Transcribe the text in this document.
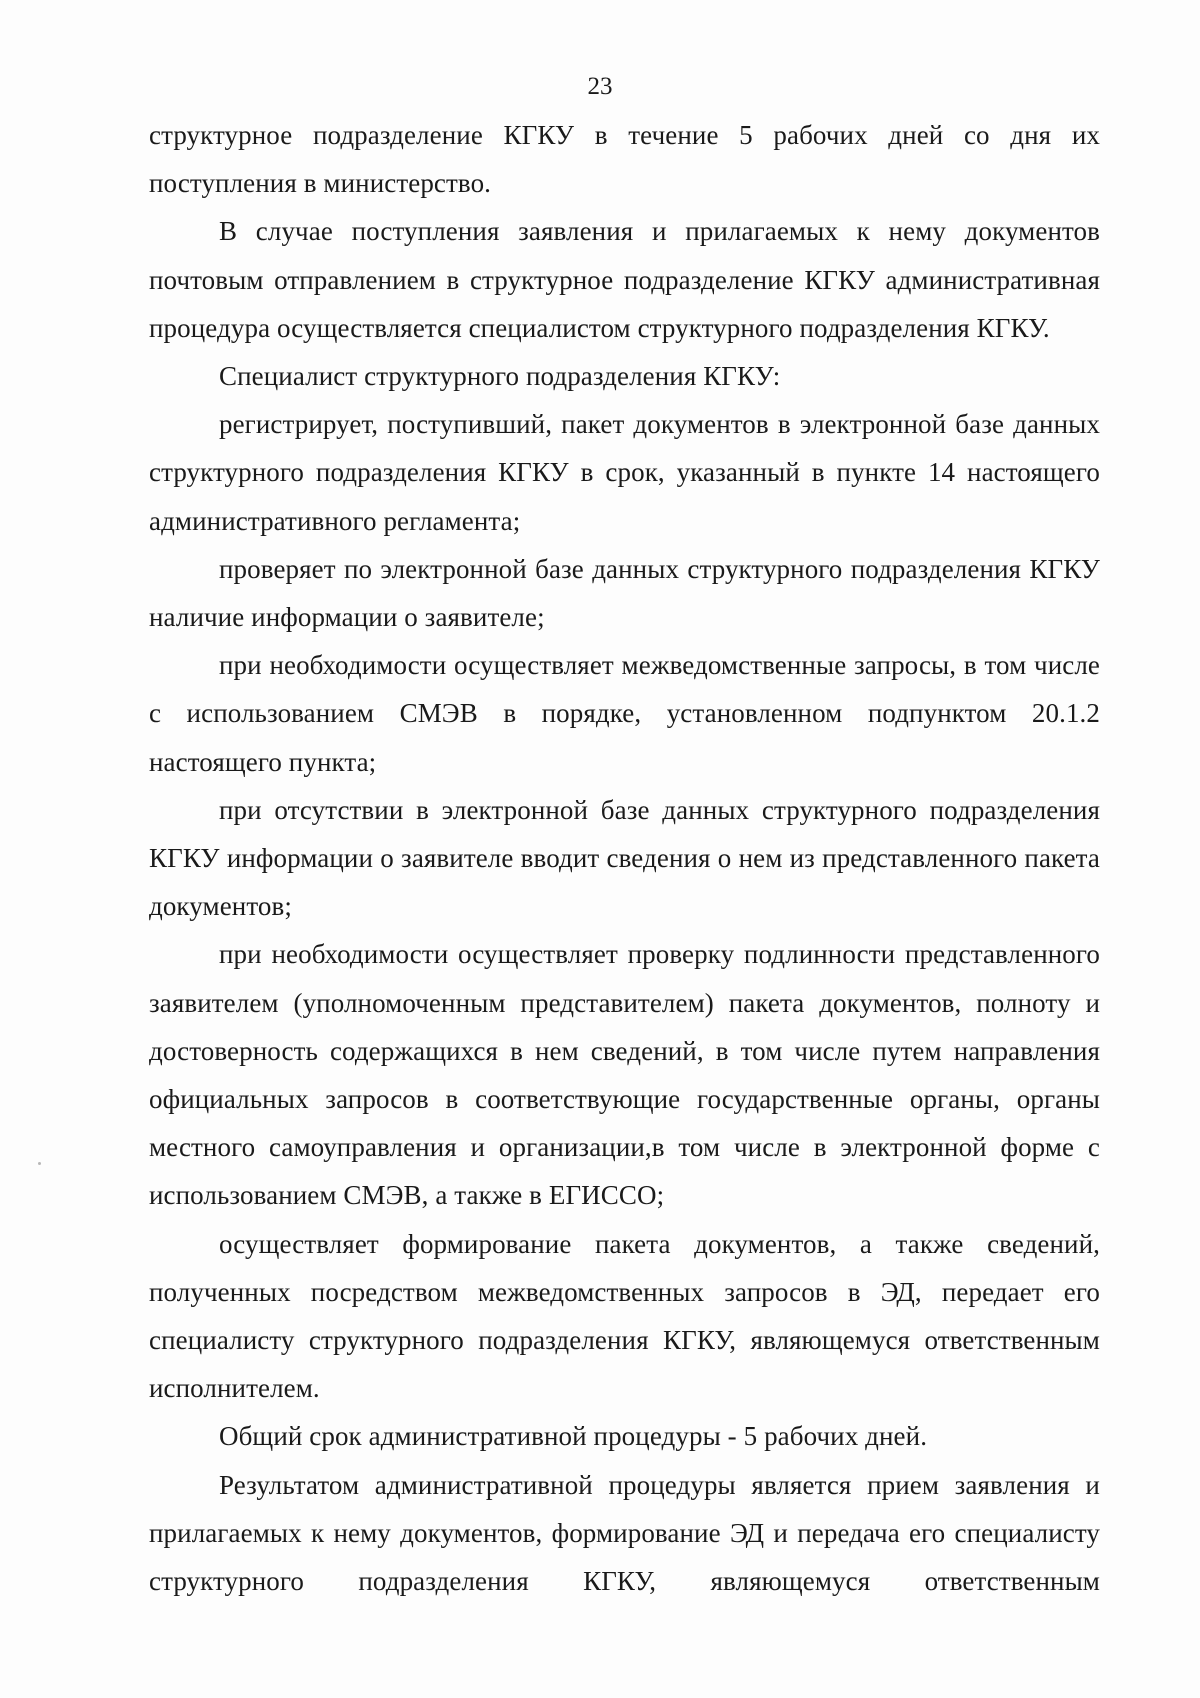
23

структурное подразделение КГКУ в течение 5 рабочих дней со дня их поступления в министерство.

В случае поступления заявления и прилагаемых к нему документов почтовым отправлением в структурное подразделение КГКУ административная процедура осуществляется специалистом структурного подразделения КГКУ.

Специалист структурного подразделения КГКУ:

регистрирует, поступивший, пакет документов в электронной базе данных структурного подразделения КГКУ в срок, указанный в пункте 14 настоящего административного регламента;

проверяет по электронной базе данных структурного подразделения КГКУ наличие информации о заявителе;

при необходимости осуществляет межведомственные запросы, в том числе с использованием СМЭВ в порядке, установленном подпунктом 20.1.2 настоящего пункта;

при отсутствии в электронной базе данных структурного подразделения КГКУ информации о заявителе вводит сведения о нем из представленного пакета документов;

при необходимости осуществляет проверку подлинности представленного заявителем (уполномоченным представителем) пакета документов, полноту и достоверность содержащихся в нем сведений, в том числе путем направления официальных запросов в соответствующие государственные органы, органы местного самоуправления и организации,в том числе в электронной форме с использованием СМЭВ, а также в ЕГИССО;

осуществляет формирование пакета документов, а также сведений, полученных посредством межведомственных запросов в ЭД, передает его специалисту структурного подразделения КГКУ, являющемуся ответственным исполнителем.

Общий срок административной процедуры - 5 рабочих дней.

Результатом административной процедуры является прием заявления и прилагаемых к нему документов, формирование ЭД и передача его специалисту структурного подразделения КГКУ, являющемуся ответственным
